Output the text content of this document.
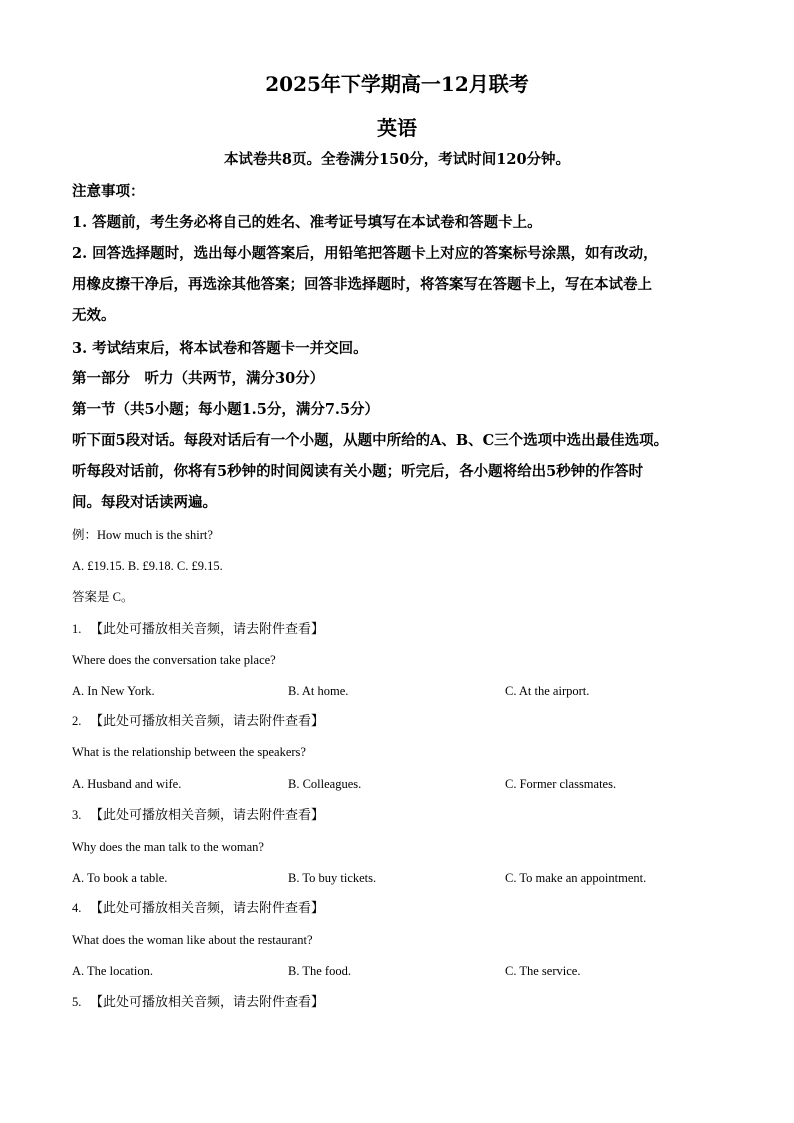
2025年下学期高一12月联考
英语
本试卷共8页。全卷满分150分，考试时间120分钟。
注意事项：
1. 答题前，考生务必将自己的姓名、准考证号填写在本试卷和答题卡上。
2. 回答选择题时，选出每小题答案后，用铅笔把答题卡上对应的答案标号涂黑，如有改动，
用橡皮擦干净后，再选涂其他答案；回答非选择题时，将答案写在答题卡上，写在本试卷上
无效。
3. 考试结束后，将本试卷和答题卡一并交回。
第一部分　听力（共两节，满分30分）
第一节（共5小题；每小题1.5分，满分7.5分）
听下面5段对话。每段对话后有一个小题，从题中所给的A、B、C三个选项中选出最佳选项。
听每段对话前，你将有5秒钟的时间阅读有关小题；听完后，各小题将给出5秒钟的作答时
间。每段对话读两遍。
例：How much is the shirt?
A. £19.15. B. £9.18. C. £9.15.
答案是 C。
1. 【此处可播放相关音频，请去附件查看】
Where does the conversation take place?
A. In New York.	B. At home.	C. At the airport.
2. 【此处可播放相关音频，请去附件查看】
What is the relationship between the speakers?
A. Husband and wife.	B. Colleagues.	C. Former classmates.
3. 【此处可播放相关音频，请去附件查看】
Why does the man talk to the woman?
A. To book a table.	B. To buy tickets.	C. To make an appointment.
4. 【此处可播放相关音频，请去附件查看】
What does the woman like about the restaurant?
A. The location.	B. The food.	C. The service.
5. 【此处可播放相关音频，请去附件查看】
